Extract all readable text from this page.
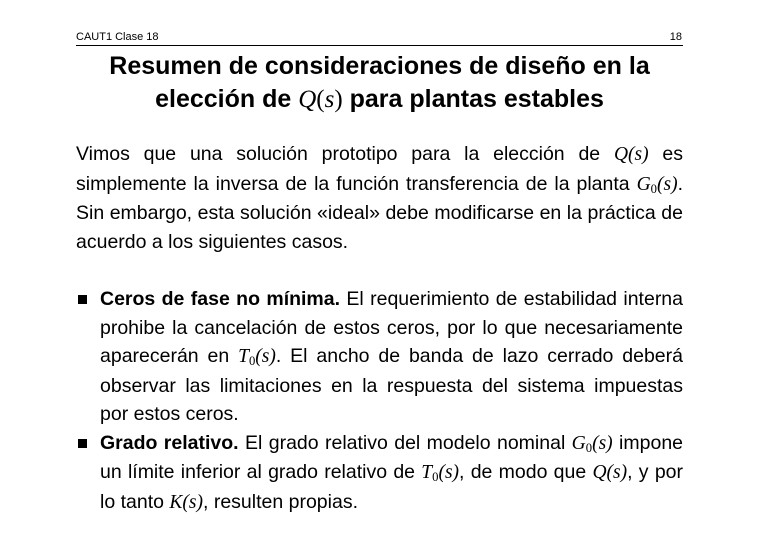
CAUT1 Clase 18	18
Resumen de consideraciones de diseño en la
elección de Q(s) para plantas estables
Vimos que una solución prototipo para la elección de Q(s) es simplemente la inversa de la función transferencia de la planta $G_0(s)$. Sin embargo, esta solución «ideal» debe modificarse en la práctica de acuerdo a los siguientes casos.
Ceros de fase no mínima. El requerimiento de estabilidad interna prohibe la cancelación de estos ceros, por lo que necesariamente aparecerán en $T_0(s)$. El ancho de banda de lazo cerrado deberá observar las limitaciones en la respuesta del sistema impuestas por estos ceros.
Grado relativo. El grado relativo del modelo nominal $G_0(s)$ impone un límite inferior al grado relativo de $T_0(s)$, de modo que Q(s), y por lo tanto K(s), resulten propias.
